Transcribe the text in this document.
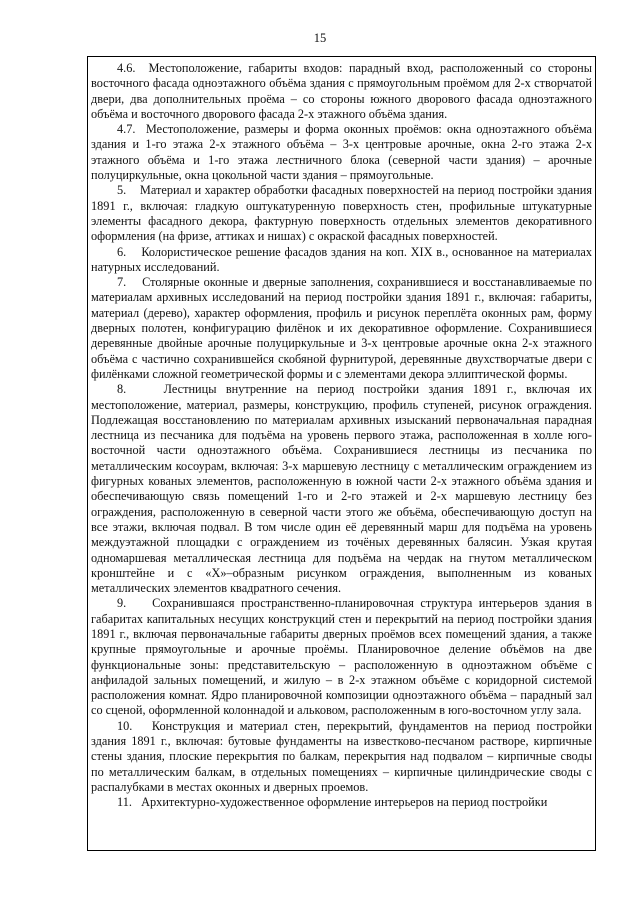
15

4.6.  Местоположение, габариты входов: парадный вход, расположенный со стороны восточного фасада одноэтажного объёма здания с прямоугольным проёмом для 2-х створчатой двери, два дополнительных проёма – со стороны южного дворового фасада одноэтажного объёма и восточного дворового фасада 2-х этажного объёма здания.

4.7.  Местоположение, размеры и форма оконных проёмов: окна одноэтажного объёма здания и 1-го этажа 2-х этажного объёма – 3-х центровые арочные, окна 2-го этажа 2-х этажного объёма и 1-го этажа лестничного блока (северной части здания) – арочные полуциркульные, окна цокольной части здания – прямоугольные.

5.    Материал и характер обработки фасадных поверхностей на период постройки здания 1891 г., включая: гладкую оштукатуренную поверхность стен, профильные штукатурные элементы фасадного декора, фактурную поверхность отдельных элементов декоративного оформления (на фризе, аттиках и нишах) с окраской фасадных поверхностей.

6.    Колористическое решение фасадов здания на коп. XIX в., основанное на материалах натурных исследований.

7.    Столярные оконные и дверные заполнения, сохранившиеся и восстанавливаемые по материалам архивных исследований на период постройки здания 1891 г., включая: габариты, материал (дерево), характер оформления, профиль и рисунок переплёта оконных рам, форму дверных полотен, конфигурацию филёнок и их декоративное оформление. Сохранившиеся деревянные двойные арочные полуциркульные и 3-х центровые арочные окна 2-х этажного объёма с частично сохранившейся скобяной фурнитурой, деревянные двухстворчатые двери с филёнками сложной геометрической формы и с элементами декора эллиптической формы.

8.    Лестницы внутренние на период постройки здания 1891 г., включая их местоположение, материал, размеры, конструкцию, профиль ступеней, рисунок ограждения. Подлежащая восстановлению по материалам архивных изысканий первоначальная парадная лестница из песчаника для подъёма на уровень первого этажа, расположенная в холле юго-восточной части одноэтажного объёма. Сохранившиеся лестницы из песчаника по металлическим косоурам, включая: 3-х маршевую лестницу с металлическим ограждением из фигурных кованых элементов, расположенную в южной части 2-х этажного объёма здания и обеспечивающую связь помещений 1-го и 2-го этажей и 2-х маршевую лестницу без ограждения, расположенную в северной части этого же объёма, обеспечивающую доступ на все этажи, включая подвал. В том числе один её деревянный марш для подъёма на уровень междуэтажной площадки с ограждением из точёных деревянных балясин. Узкая крутая одномаршевая металлическая лестница для подъёма на чердак на гнутом металлическом кронштейне и с «Х»–образным рисунком ограждения, выполненным из кованых металлических элементов квадратного сечения.

9.    Сохранившаяся пространственно-планировочная структура интерьеров здания в габаритах капитальных несущих конструкций стен и перекрытий на период постройки здания 1891 г., включая первоначальные габариты дверных проёмов всех помещений здания, а также крупные прямоугольные и арочные проёмы. Планировочное деление объёмов на две функциональные зоны: представительскую – расположенную в одноэтажном объёме с анфиладой зальных помещений, и жилую – в 2-х этажном объёме с коридорной системой расположения комнат. Ядро планировочной композиции одноэтажного объёма – парадный зал со сценой, оформленной колоннадой и альковом, расположенным в юго-восточном углу зала.

10.   Конструкция и материал стен, перекрытий, фундаментов на период постройки здания 1891 г., включая: бутовые фундаменты на известково-песчаном растворе, кирпичные стены здания, плоские перекрытия по балкам, перекрытия над подвалом – кирпичные своды по металлическим балкам, в отдельных помещениях – кирпичные цилиндрические своды с распалубками в местах оконных и дверных проемов.

11.   Архитектурно-художественное оформление интерьеров на период постройки
